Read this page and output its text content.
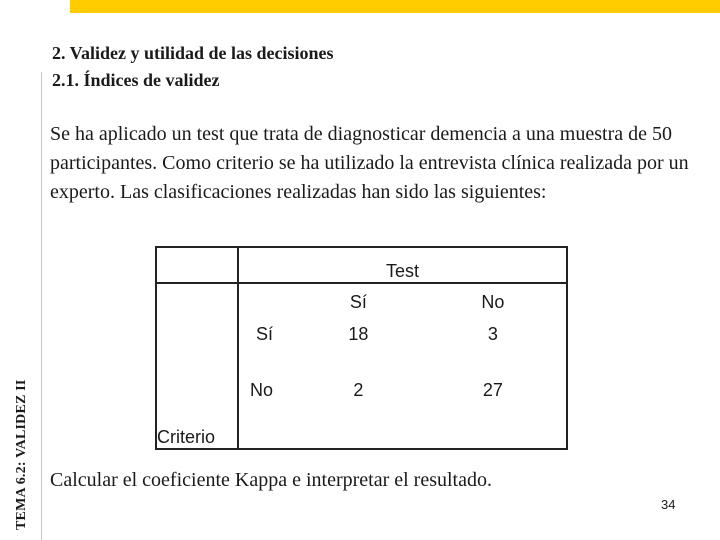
TEMA 6.2: VALIDEZ II
2. Validez y utilidad de las decisiones
2.1. Índices de validez
Se ha aplicado un test que trata de diagnosticar demencia a una muestra de 50 participantes. Como criterio se ha utilizado la entrevista clínica realizada por un experto. Las clasificaciones realizadas han sido las siguientes:
	Test		
Criterio		Sí	No
	Sí	18	3
	No	2	27
Calcular el coeficiente Kappa e interpretar el resultado.
34
